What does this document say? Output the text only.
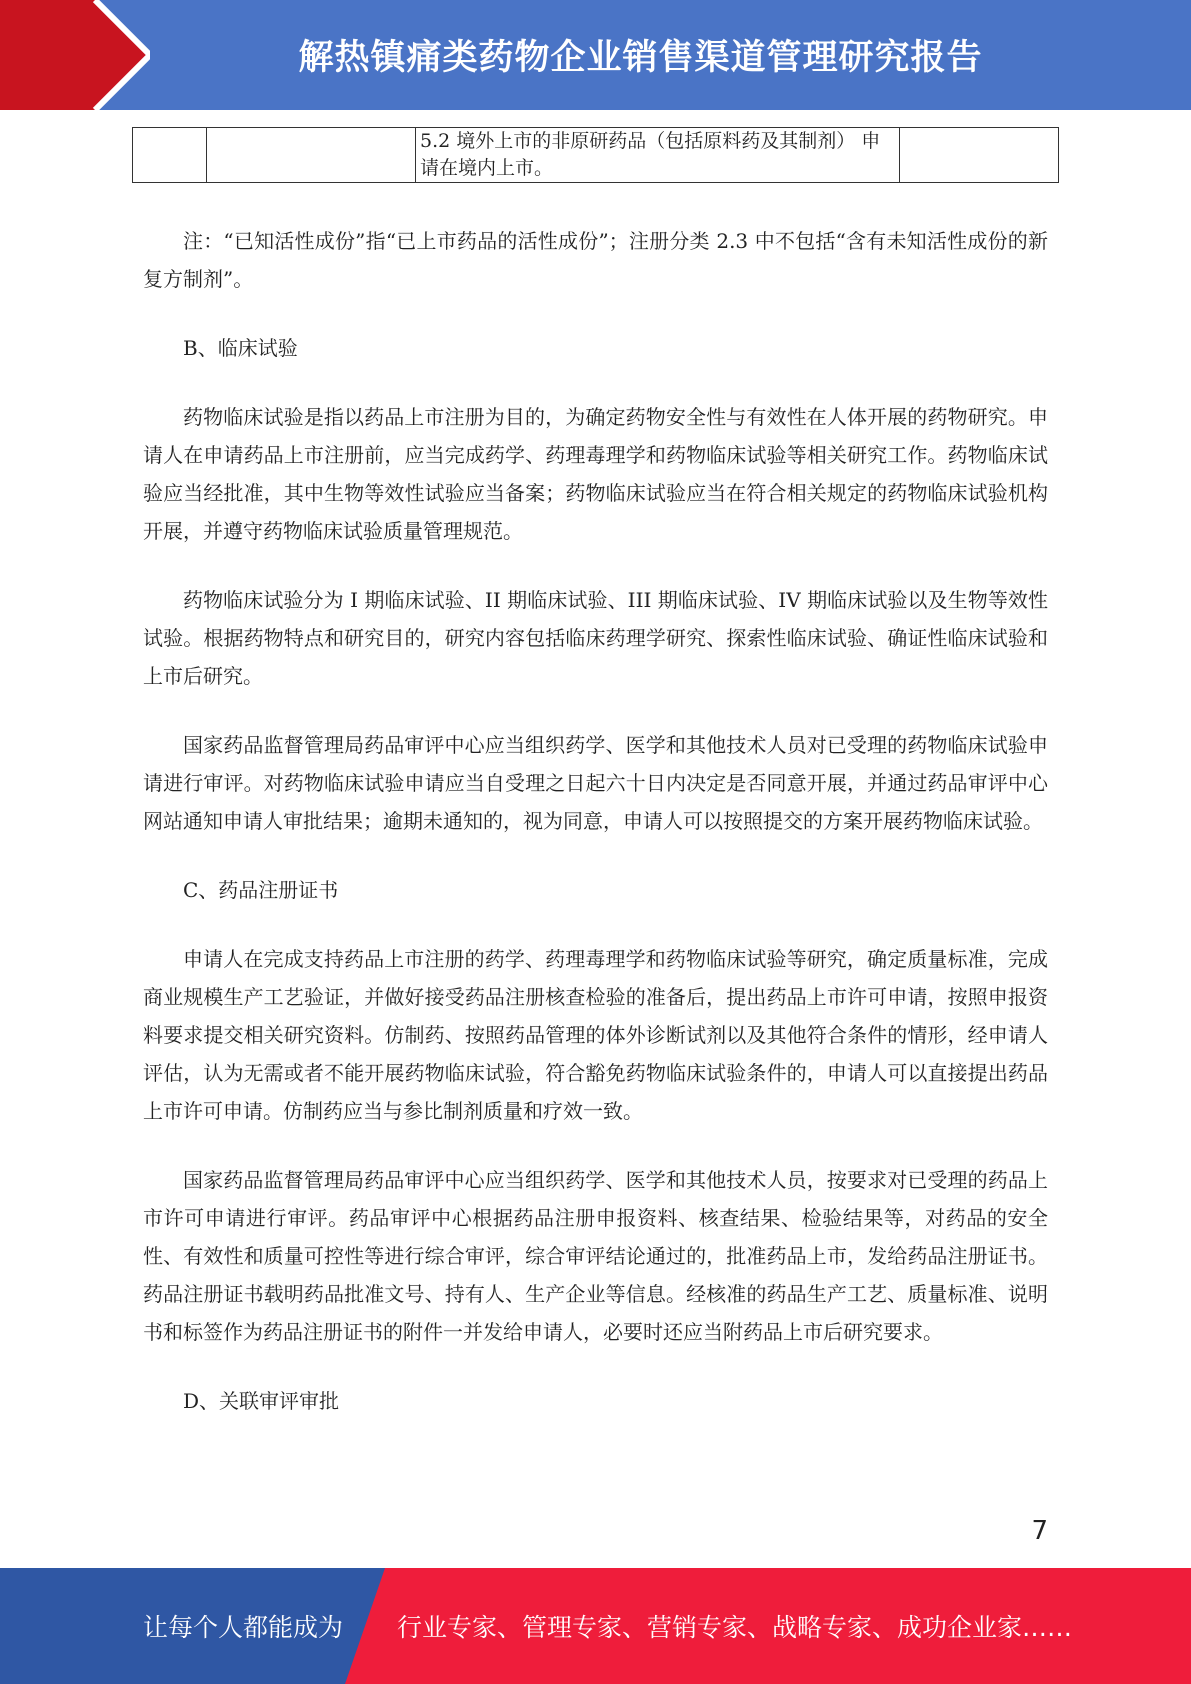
解热镇痛类药物企业销售渠道管理研究报告
		5.2 境外上市的非原研药品（包括原料药及其制剂） 申请在境内上市。	

注：“已知活性成份”指“已上市药品的活性成份”；注册分类 2.3 中不包括“含有未知活性成份的新复方制剂”。

B、临床试验

药物临床试验是指以药品上市注册为目的，为确定药物安全性与有效性在人体开展的药物研究。申请人在申请药品上市注册前，应当完成药学、药理毒理学和药物临床试验等相关研究工作。药物临床试验应当经批准，其中生物等效性试验应当备案；药物临床试验应当在符合相关规定的药物临床试验机构开展，并遵守药物临床试验质量管理规范。

药物临床试验分为 I 期临床试验、II 期临床试验、III 期临床试验、IV 期临床试验以及生物等效性试验。根据药物特点和研究目的，研究内容包括临床药理学研究、探索性临床试验、确证性临床试验和上市后研究。

国家药品监督管理局药品审评中心应当组织药学、医学和其他技术人员对已受理的药物临床试验申请进行审评。对药物临床试验申请应当自受理之日起六十日内决定是否同意开展，并通过药品审评中心网站通知申请人审批结果；逾期未通知的，视为同意，申请人可以按照提交的方案开展药物临床试验。

C、药品注册证书

申请人在完成支持药品上市注册的药学、药理毒理学和药物临床试验等研究，确定质量标准，完成商业规模生产工艺验证，并做好接受药品注册核查检验的准备后，提出药品上市许可申请，按照申报资料要求提交相关研究资料。仿制药、按照药品管理的体外诊断试剂以及其他符合条件的情形，经申请人评估，认为无需或者不能开展药物临床试验，符合豁免药物临床试验条件的，申请人可以直接提出药品上市许可申请。仿制药应当与参比制剂质量和疗效一致。

国家药品监督管理局药品审评中心应当组织药学、医学和其他技术人员，按要求对已受理的药品上市许可申请进行审评。药品审评中心根据药品注册申报资料、核查结果、检验结果等，对药品的安全性、有效性和质量可控性等进行综合审评，综合审评结论通过的，批准药品上市，发给药品注册证书。药品注册证书载明药品批准文号、持有人、生产企业等信息。经核准的药品生产工艺、质量标准、说明书和标签作为药品注册证书的附件一并发给申请人，必要时还应当附药品上市后研究要求。

D、关联审评审批

7
让每个人都能成为 行业专家、管理专家、营销专家、战略专家、成功企业家……
